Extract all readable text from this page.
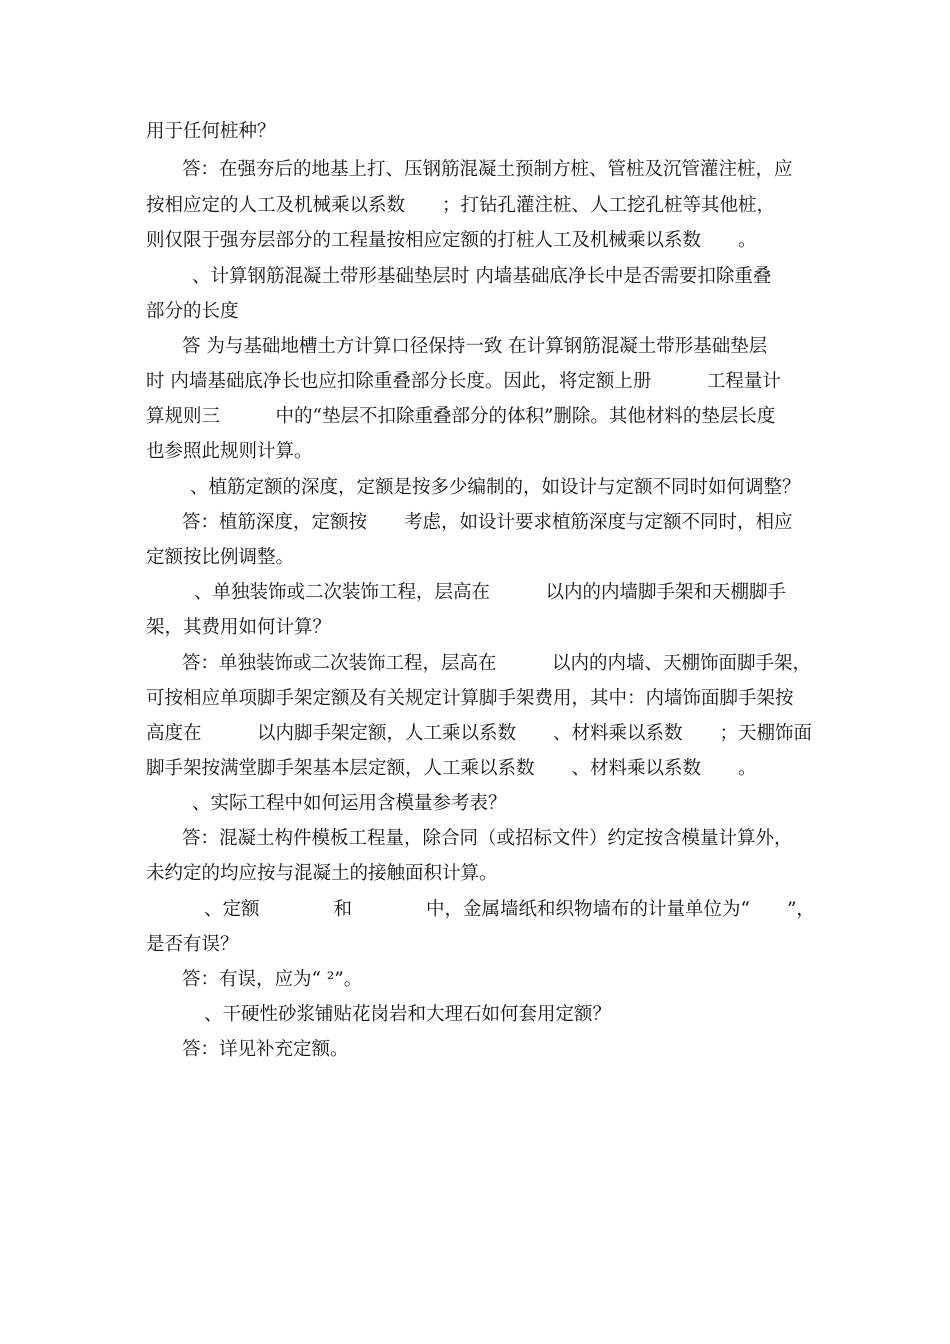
用于任何桩种？
答：在强夯后的地基上打、压钢筋混凝土预制方桩、管桩及沉管灌注桩，应
按相应定的人工及机械乘以系数　　；打钻孔灌注桩、人工挖孔桩等其他桩，
则仅限于强夯层部分的工程量按相应定额的打桩人工及机械乘以系数　　。
、计算钢筋混凝土带形基础垫层时 内墙基础底净长中是否需要扣除重叠
部分的长度
答 为与基础地槽土方计算口径保持一致 在计算钢筋混凝土带形基础垫层
时 内墙基础底净长也应扣除重叠部分长度。因此，将定额上册　　　工程量计
算规则三　　　中的“垫层不扣除重叠部分的体积”删除。其他材料的垫层长度
也参照此规则计算。
、植筋定额的深度，定额是按多少编制的，如设计与定额不同时如何调整？
答：植筋深度，定额按　　考虑，如设计要求植筋深度与定额不同时，相应
定额按比例调整。
、单独装饰或二次装饰工程，层高在　　　以内的内墙脚手架和天棚脚手
架，其费用如何计算？
答：单独装饰或二次装饰工程，层高在　　　以内的内墙、天棚饰面脚手架，
可按相应单项脚手架定额及有关规定计算脚手架费用，其中：内墙饰面脚手架按
高度在　　　以内脚手架定额，人工乘以系数　　、材料乘以系数　　；天棚饰面
脚手架按满堂脚手架基本层定额，人工乘以系数　　、材料乘以系数　　。
、实际工程中如何运用含模量参考表？
答：混凝土构件模板工程量，除合同（或招标文件）约定按含模量计算外，
未约定的均应按与混凝土的接触面积计算。
、定额　　　　和　　　　中，金属墙纸和织物墙布的计量单位为“　　”，
是否有误？
答：有误，应为“ ²”。
、干硬性砂浆铺贴花岗岩和大理石如何套用定额？
答：详见补充定额。
